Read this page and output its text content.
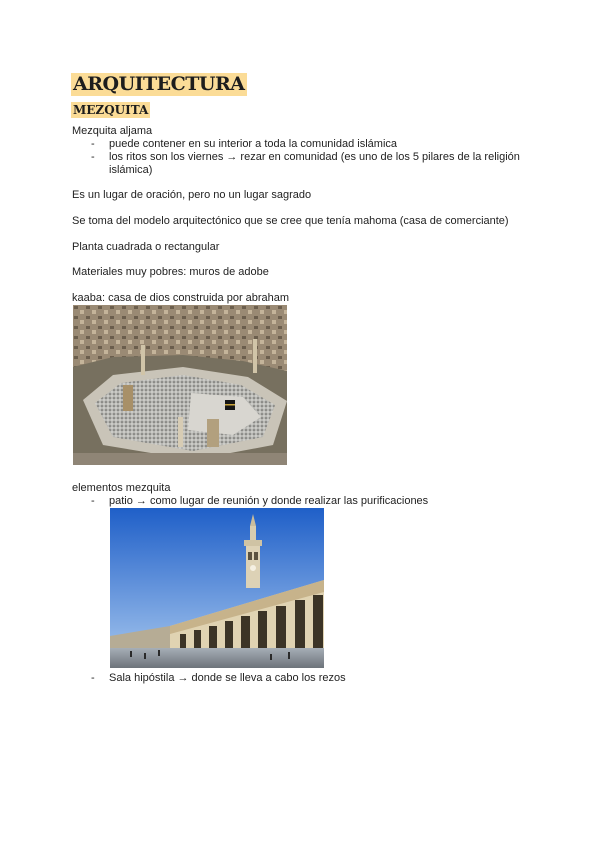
ARQUITECTURA
MEZQUITA
Mezquita aljama
- puede contener en su interior a toda la comunidad islámica
- los ritos son los viernes → rezar en comunidad (es uno de los 5 pilares de la religión
islámica)
Es un lugar de oración, pero no un lugar sagrado
Se toma del modelo arquitectónico que se cree que tenía mahoma (casa de comerciante)
Planta cuadrada o rectangular
Materiales muy pobres: muros de adobe
kaaba: casa de dios construida por abraham
elementos mezquita
- patio → como lugar de reunión y donde realizar las purificaciones
- Sala hipóstila → donde se lleva a cabo los rezos
